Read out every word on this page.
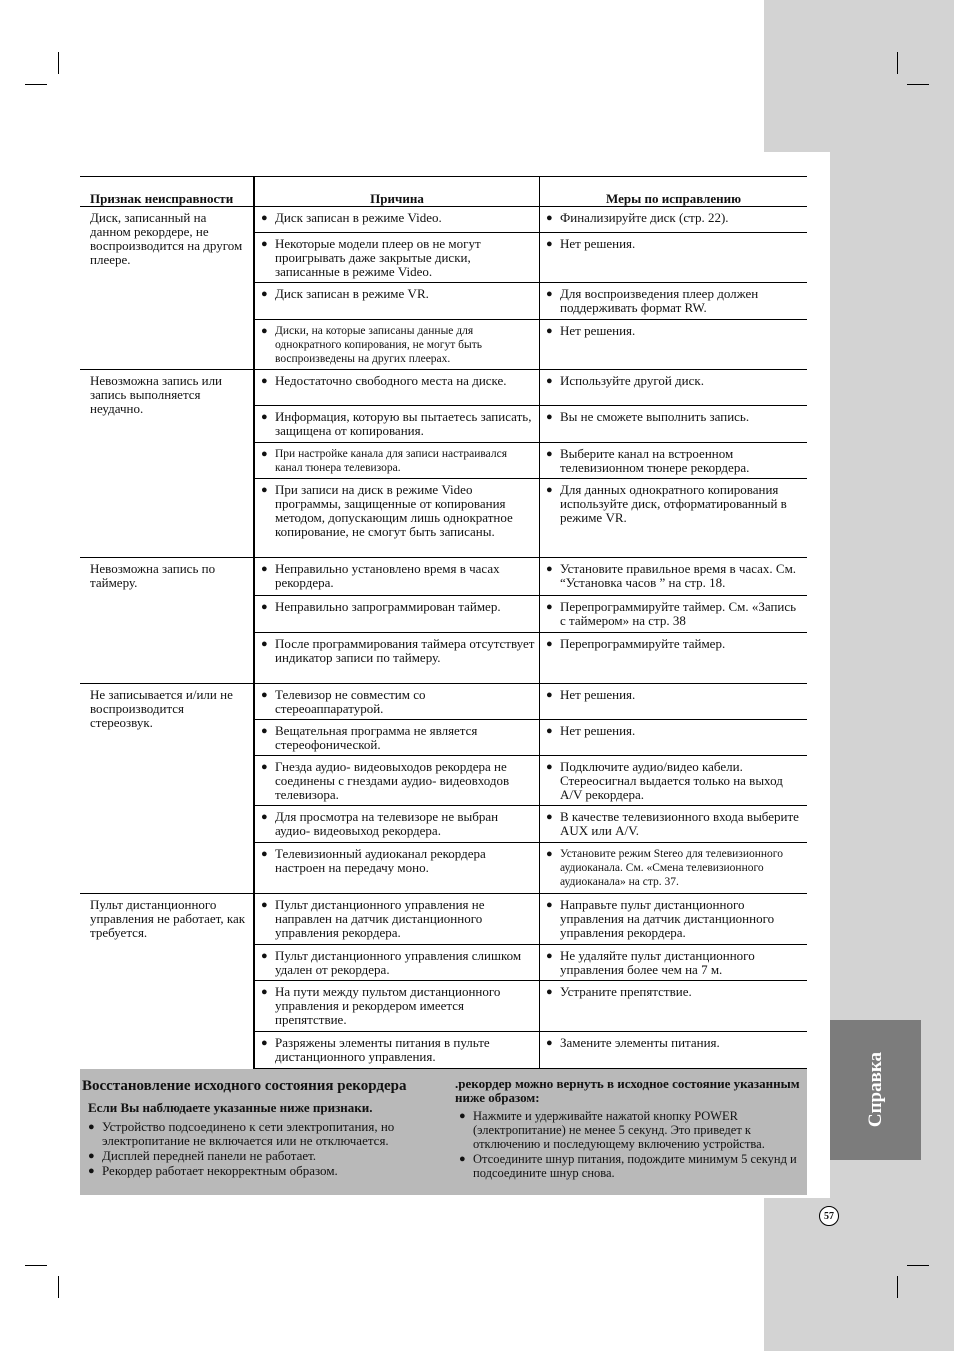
Признак неисправности	Причина	Меры по исправлению
Диск, записанный на данном рекордере, не воспроизводится на другом плеере.	● Диск записан в режиме Video.	● Финализируйте диск (стр. 22).

	● Некоторые модели плеер ов не могут проигрывать даже закрытые диски, записанные в режиме Video.	● Нет решения.

	● Диск записан в режиме VR.	● Для воспроизведения плеер должен поддерживать формат RW.

	● Диски, на которые записаны данные для однократного копирования, не могут быть воспроизведены на других плеерах.	● Нет решения.

Невозможна запись или запись выполняется неудачно.	● Недостаточно свободного места на диске.	● Используйте другой диск.

	● Информация, которую вы пытаетесь записать, защищена от копирования.	● Вы не сможете выполнить запись.

	● При настройке канала для записи настраивался канал тюнера телевизора.	● Выберите канал на встроенном телевизионном тюнере рекордера.

	● При записи на диск в режиме Video программы, защищенные от копирования методом, допускающим лишь однократное копирование, не смогут быть записаны.	● Для данных однократного копирования используйте диск, отформатированный в режиме VR.

Невозможна запись по таймеру.	● Неправильно установлено время в часах рекордера.	● Установите правильное время в часах. См. “Установка часов ” на стр. 18.

	● Неправильно запрограммирован таймер.	● Перепрограммируйте таймер. См. «Запись с таймером» на стр. 38

	● После программирования таймера отсутствует индикатор записи по таймеру.	● Перепрограммируйте таймер.

Не записывается и/или не воспроизводится стереозвук.	● Телевизор не совместим со стереоаппаратурой.	● Нет решения.

	● Вещательная программа не является стереофонической.	● Нет решения.

	● Гнезда аудио- видеовыходов рекордера не соединены с гнездами аудио- видеовходов телевизора.	● Подключите аудио/видео кабели. Стереосигнал выдается только на выход A/V рекордера.

	● Для просмотра на телевизоре не выбран аудио- видеовыход рекордера.	● В качестве телевизионного входа выберите AUX или A/V.

	● Телевизионный аудиоканал рекордера настроен на передачу моно.	● Установите режим Stereo для телевизионного аудиоканала. См. «Смена телевизионного аудиоканала» на стр. 37.

Пульт дистанционного управления не работает, как требуется.	● Пульт дистанционного управления не направлен на датчик дистанционного управления рекордера.	● Направьте пульт дистанционного управления на датчик дистанционного управления рекордера.

	● Пульт дистанционного управления слишком удален от рекордера.	● Не удаляйте пульт дистанционного управления более чем на 7 м.

	● На пути между пультом дистанционного управления и рекордером имеется препятствие.	● Устраните препятствие.

	● Разряжены элементы питания в пульте дистанционного управления.	● Замените элементы питания.
Восстановление исходного состояния рекордера
Если Вы наблюдаете указанные ниже признаки.
● Устройство подсоединено к сети электропитания, но электропитание не включается или не отключается.
● Дисплей передней панели не работает.
● Рекордер работает некорректным образом.
.рекордер можно вернуть в исходное состояние указанным ниже образом:
● Нажмите и удерживайте нажатой кнопку POWER (электропитание) не менее 5 секунд. Это приведет к отключению и последующему включению устройства.
● Отсоедините шнур питания, подождите минимум 5 секунд и подсоедините шнур снова.
Справка
57
